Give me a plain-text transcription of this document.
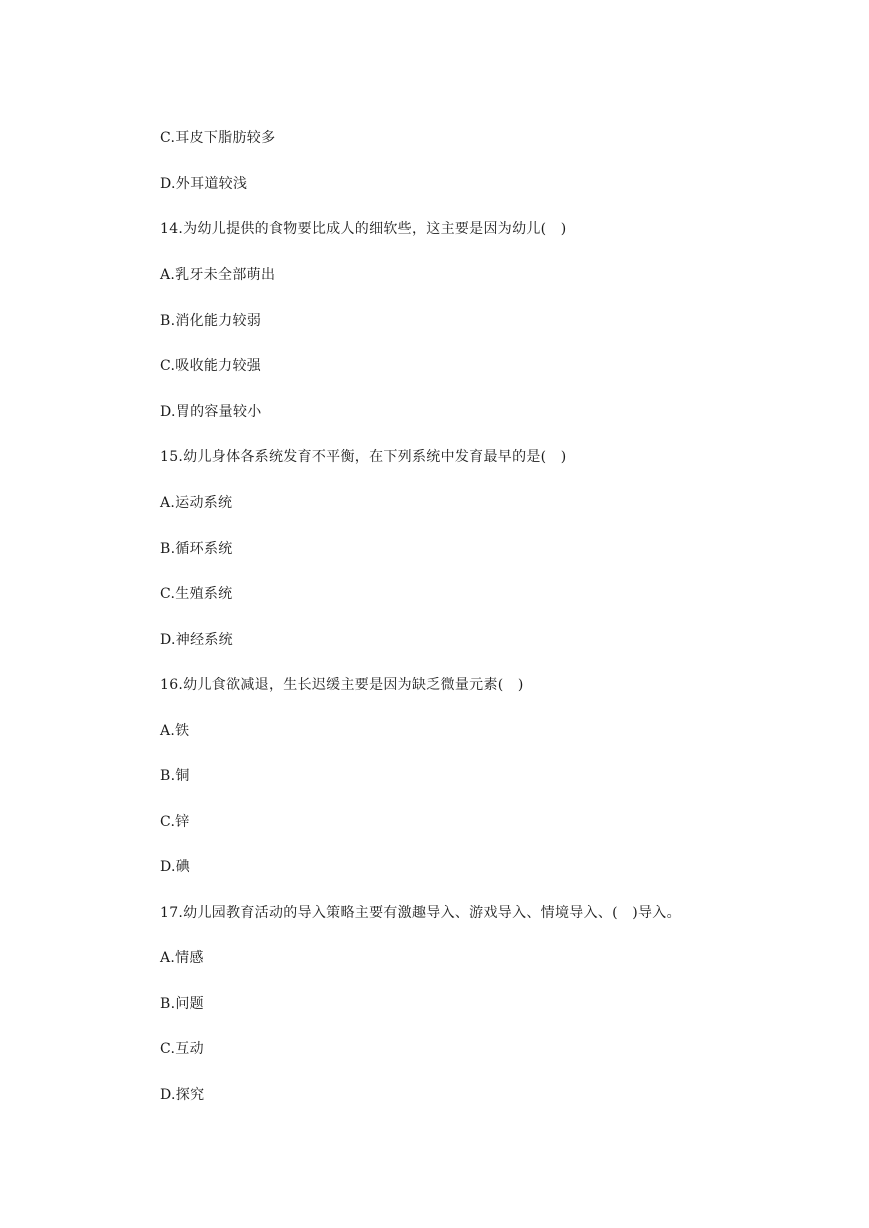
C.耳皮下脂肪较多
D.外耳道较浅
14.为幼儿提供的食物要比成人的细软些，这主要是因为幼儿(　)
A.乳牙未全部萌出
B.消化能力较弱
C.吸收能力较强
D.胃的容量较小
15.幼儿身体各系统发育不平衡，在下列系统中发育最早的是(　)
A.运动系统
B.循环系统
C.生殖系统
D.神经系统
16.幼儿食欲减退，生长迟缓主要是因为缺乏微量元素(　)
A.铁
B.铜
C.锌
D.碘
17.幼儿园教育活动的导入策略主要有激趣导入、游戏导入、情境导入、(　)导入。
A.情感
B.问题
C.互动
D.探究
